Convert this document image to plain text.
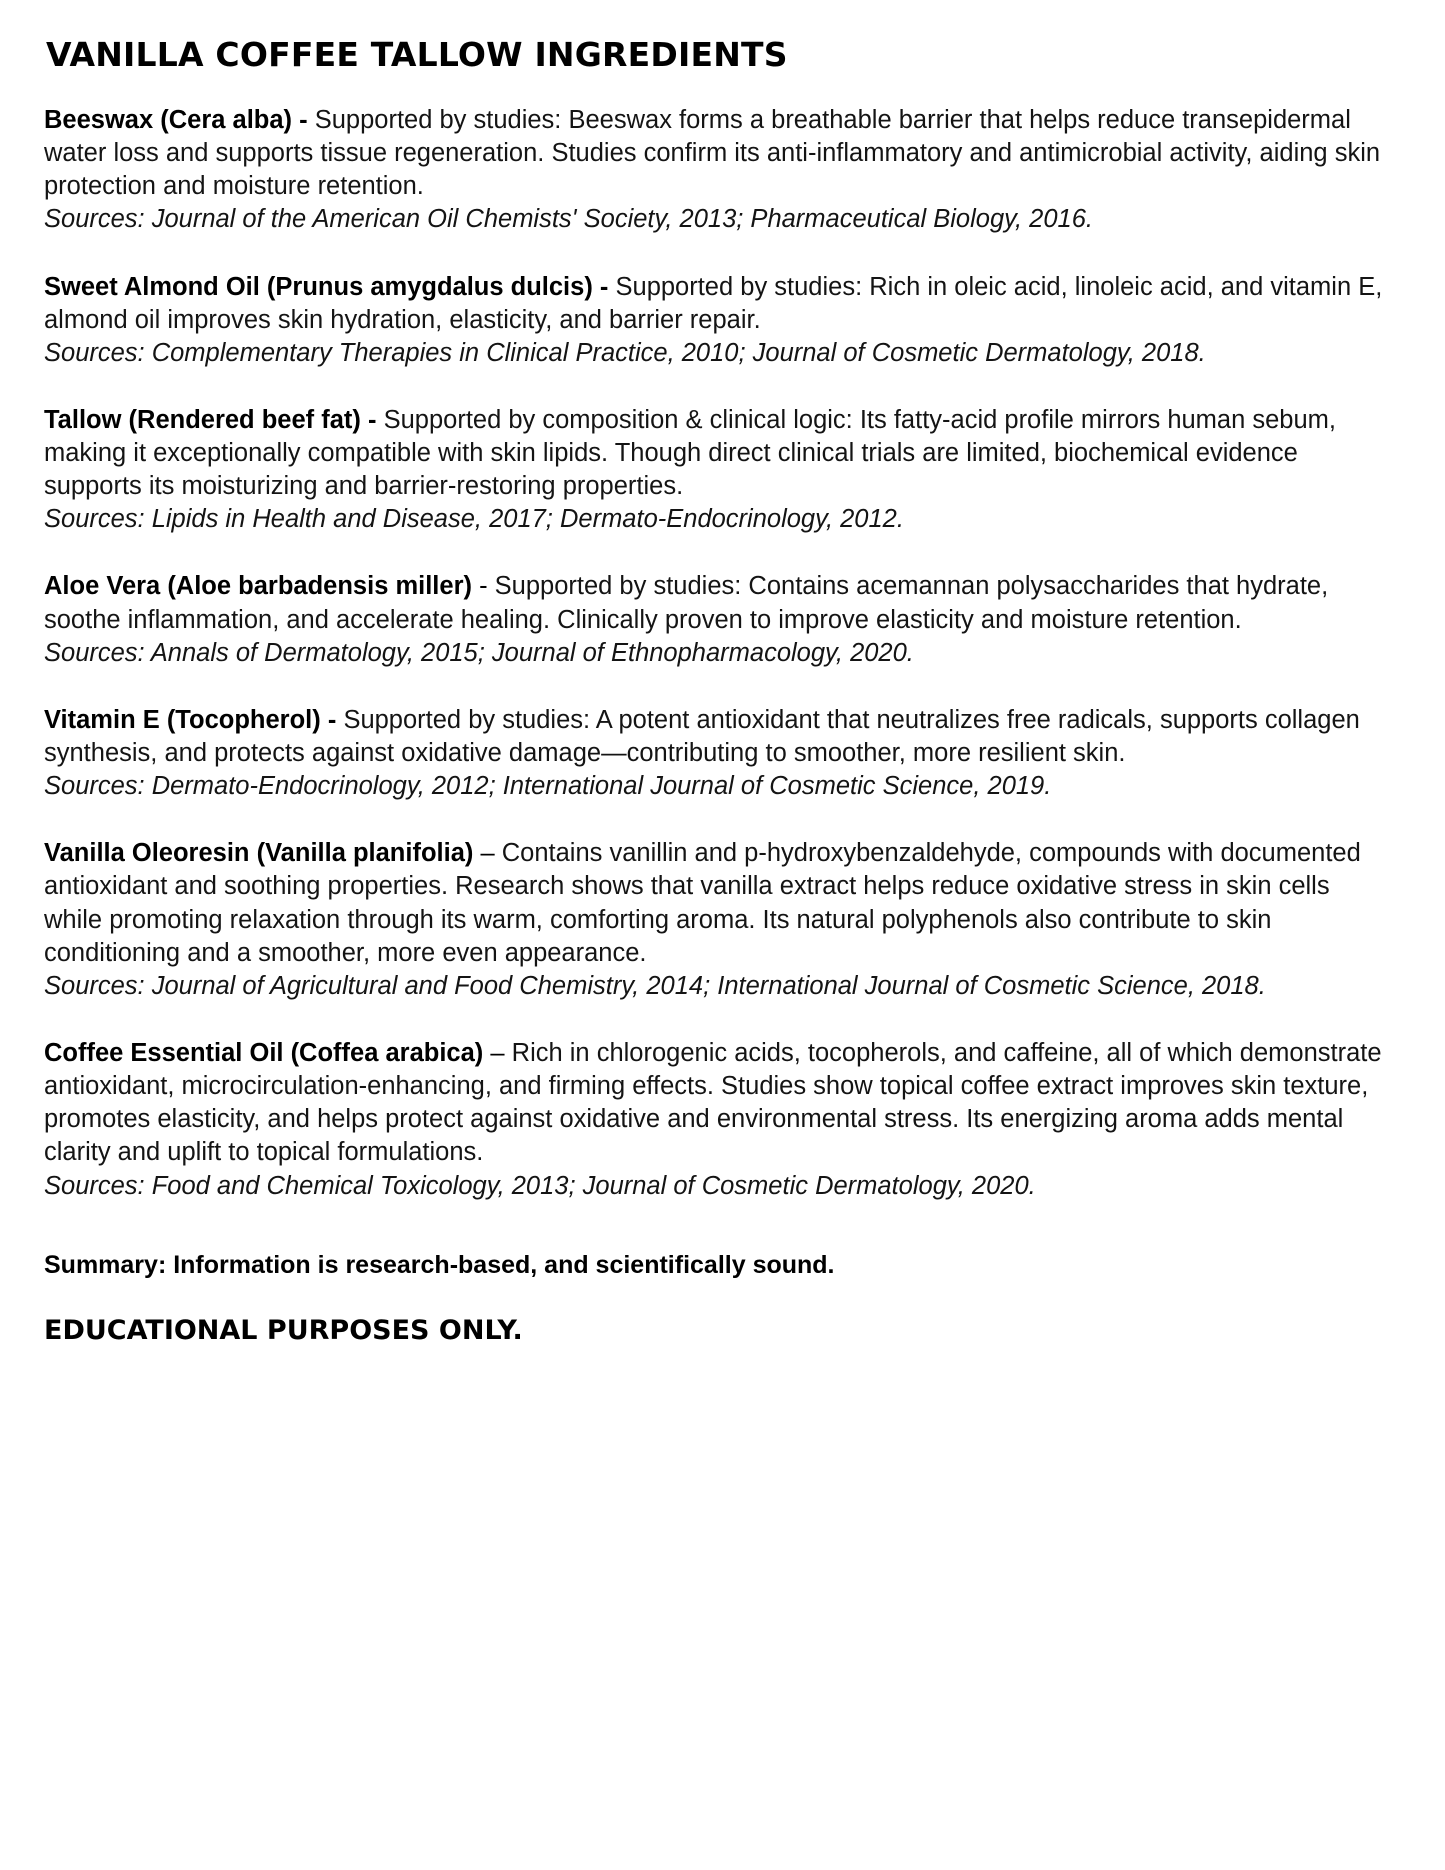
VANILLA COFFEE TALLOW INGREDIENTS

Beeswax (Cera alba) - Supported by studies: Beeswax forms a breathable barrier that helps reduce transepidermal water loss and supports tissue regeneration. Studies confirm its anti-inflammatory and antimicrobial activity, aiding skin protection and moisture retention.

Sources: Journal of the American Oil Chemists' Society, 2013; Pharmaceutical Biology, 2016.

Sweet Almond Oil (Prunus amygdalus dulcis) - Supported by studies: Rich in oleic acid, linoleic acid, and vitamin E, almond oil improves skin hydration, elasticity, and barrier repair.

Sources: Complementary Therapies in Clinical Practice, 2010; Journal of Cosmetic Dermatology, 2018.

Tallow (Rendered beef fat) - Supported by composition & clinical logic: Its fatty-acid profile mirrors human sebum, making it exceptionally compatible with skin lipids. Though direct clinical trials are limited, biochemical evidence supports its moisturizing and barrier-restoring properties.

Sources: Lipids in Health and Disease, 2017; Dermato-Endocrinology, 2012.

Aloe Vera (Aloe barbadensis miller) - Supported by studies: Contains acemannan polysaccharides that hydrate, soothe inflammation, and accelerate healing. Clinically proven to improve elasticity and moisture retention.

Sources: Annals of Dermatology, 2015; Journal of Ethnopharmacology, 2020.

Vitamin E (Tocopherol) - Supported by studies: A potent antioxidant that neutralizes free radicals, supports collagen synthesis, and protects against oxidative damage—contributing to smoother, more resilient skin.

Sources: Dermato-Endocrinology, 2012; International Journal of Cosmetic Science, 2019.

Vanilla Oleoresin (Vanilla planifolia) – Contains vanillin and p-hydroxybenzaldehyde, compounds with documented antioxidant and soothing properties. Research shows that vanilla extract helps reduce oxidative stress in skin cells while promoting relaxation through its warm, comforting aroma. Its natural polyphenols also contribute to skin conditioning and a smoother, more even appearance.

Sources: Journal of Agricultural and Food Chemistry, 2014; International Journal of Cosmetic Science, 2018.

Coffee Essential Oil (Coffea arabica) – Rich in chlorogenic acids, tocopherols, and caffeine, all of which demonstrate antioxidant, microcirculation-enhancing, and firming effects. Studies show topical coffee extract improves skin texture, promotes elasticity, and helps protect against oxidative and environmental stress. Its energizing aroma adds mental clarity and uplift to topical formulations.

Sources: Food and Chemical Toxicology, 2013; Journal of Cosmetic Dermatology, 2020.

Summary: Information is research-based, and scientifically sound.

EDUCATIONAL PURPOSES ONLY.
